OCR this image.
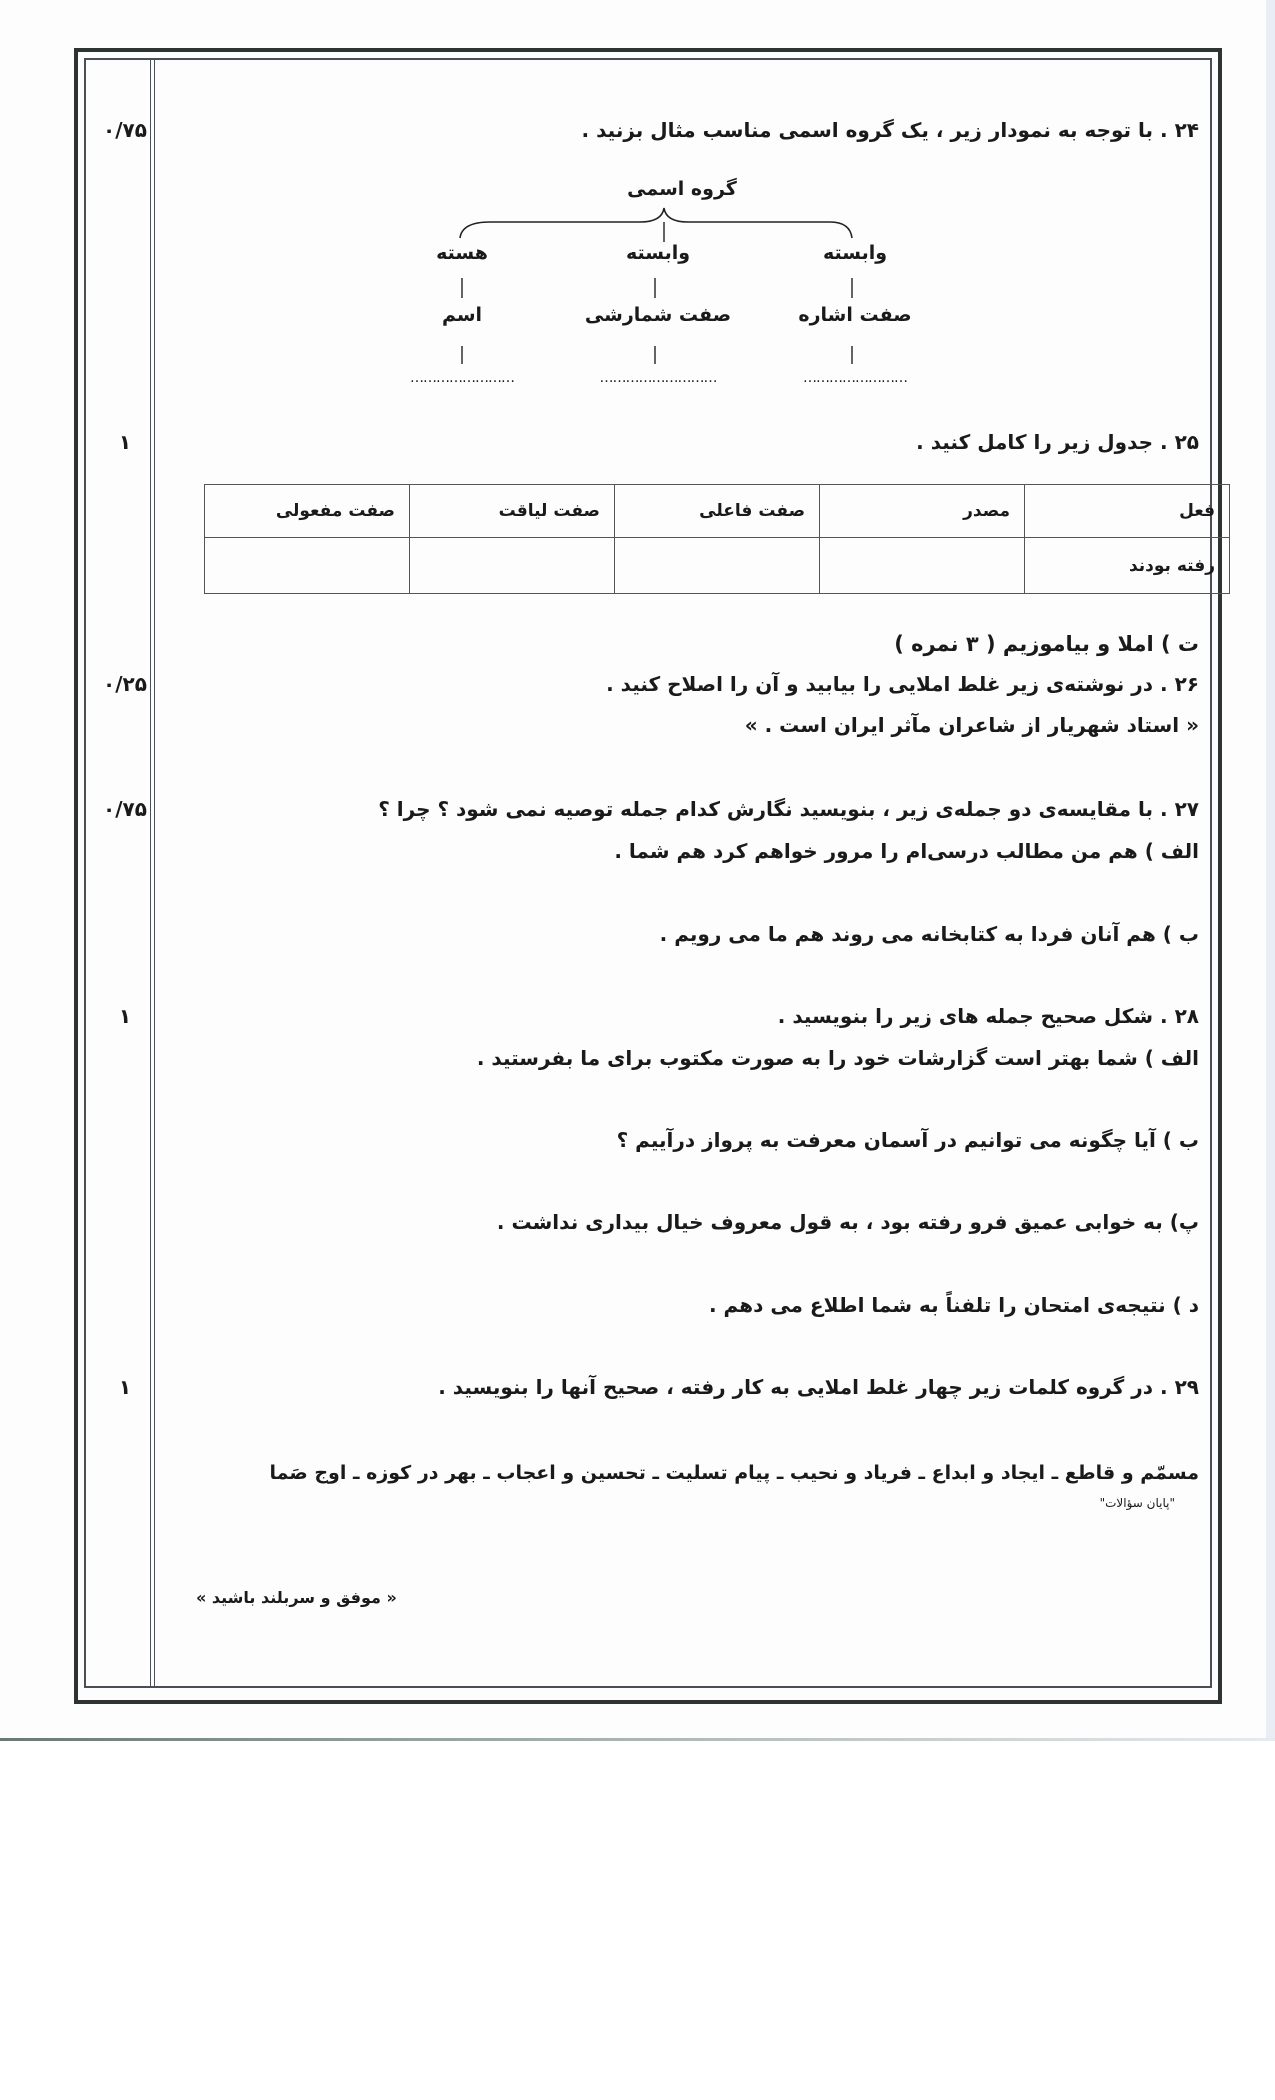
۲۴ . با توجه به نمودار زیر ، یک گروه اسمی مناسب مثال بزنید .
۰/۷۵
گروه اسمی
وابسته
صفت اشاره
……………………
وابسته
صفت شمارشی
………………………
هسته
اسم
……………………
۲۵ . جدول زیر را کامل کنید .
۱
فعل	مصدر	صفت فاعلی	صفت لیاقت	صفت مفعولی
رفته بودند				
ت ) املا و بیاموزیم ( ۳ نمره )
۲۶ . در نوشته‌ی زیر غلط املایی را بیابید و آن را اصلاح کنید .
۰/۲۵
« استاد شهریار از شاعران مآثر ایران است . »
۲۷ . با مقایسه‌ی دو جمله‌ی زیر ، بنویسید نگارش کدام جمله توصیه نمی شود ؟ چرا ؟
۰/۷۵
الف ) هم من مطالب درسی‌ام را مرور خواهم کرد هم شما .
ب ) هم آنان فردا به کتابخانه می روند هم ما می رویم .
۲۸ . شکل صحیح جمله های زیر را بنویسید .
۱
الف ) شما بهتر است گزارشات خود را به صورت مکتوب برای ما بفرستید .
ب ) آیا چگونه می توانیم در آسمان معرفت به پرواز درآییم ؟
پ) به خوابی عمیق فرو رفته بود ، به قول معروف خیال بیداری نداشت .
د ) نتیجه‌ی امتحان را تلفناً به شما اطلاع می دهم .
۲۹ . در گروه کلمات زیر چهار غلط املایی به کار رفته ، صحیح آنها را بنویسید .
۱
مسمّم و قاطع ـ ایجاد و ابداع ـ فریاد و نحیب ـ پیام تسلیت ـ تحسین و اعجاب ـ بهر در کوزه ـ اوج صَما
"پایان سؤالات"
« موفق و سربلند باشید »
